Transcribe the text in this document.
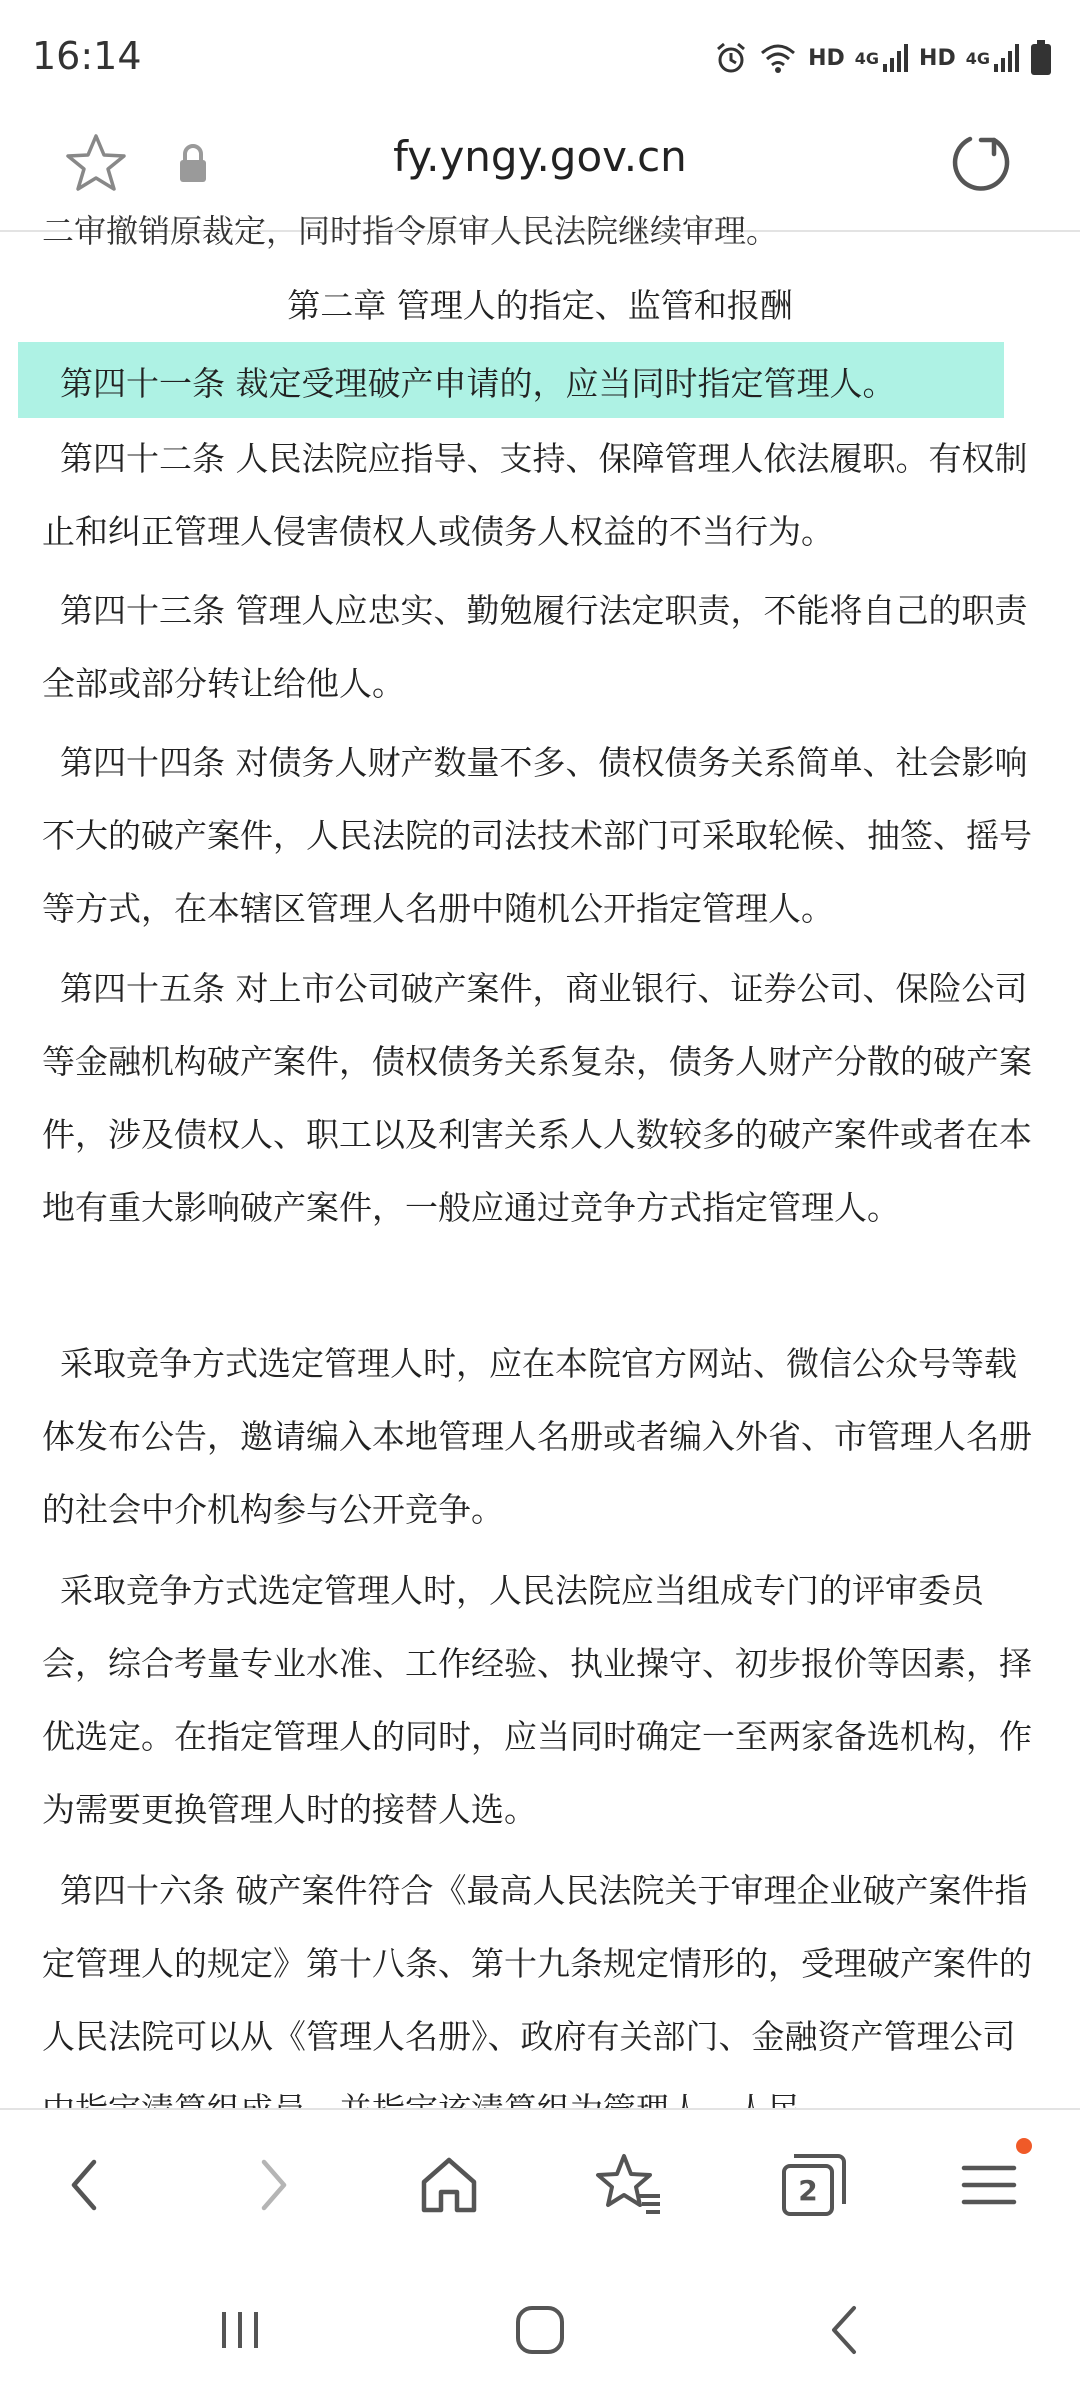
16:14	HD 4G HD 4G
fy.yngy.gov.cn
二审撤销原裁定，同时指令原审人民法院继续审理。
第二章 管理人的指定、监管和报酬
第四十一条 裁定受理破产申请的，应当同时指定管理人。
第四十二条 人民法院应指导、支持、保障管理人依法履职。有权制止和纠正管理人侵害债权人或债务人权益的不当行为。
第四十三条 管理人应忠实、勤勉履行法定职责，不能将自己的职责全部或部分转让给他人。
第四十四条 对债务人财产数量不多、债权债务关系简单、社会影响不大的破产案件，人民法院的司法技术部门可采取轮候、抽签、摇号等方式，在本辖区管理人名册中随机公开指定管理人。
第四十五条 对上市公司破产案件，商业银行、证券公司、保险公司等金融机构破产案件，债权债务关系复杂，债务人财产分散的破产案件，涉及债权人、职工以及利害关系人人数较多的破产案件或者在本地有重大影响破产案件，一般应通过竞争方式指定管理人。
采取竞争方式选定管理人时，应在本院官方网站、微信公众号等载体发布公告，邀请编入本地管理人名册或者编入外省、市管理人名册的社会中介机构参与公开竞争。
采取竞争方式选定管理人时，人民法院应当组成专门的评审委员会，综合考量专业水准、工作经验、执业操守、初步报价等因素，择优选定。在指定管理人的同时，应当同时确定一至两家备选机构，作为需要更换管理人时的接替人选。
第四十六条 破产案件符合《最高人民法院关于审理企业破产案件指定管理人的规定》第十八条、第十九条规定情形的，受理破产案件的人民法院可以从《管理人名册》、政府有关部门、金融资产管理公司
2
